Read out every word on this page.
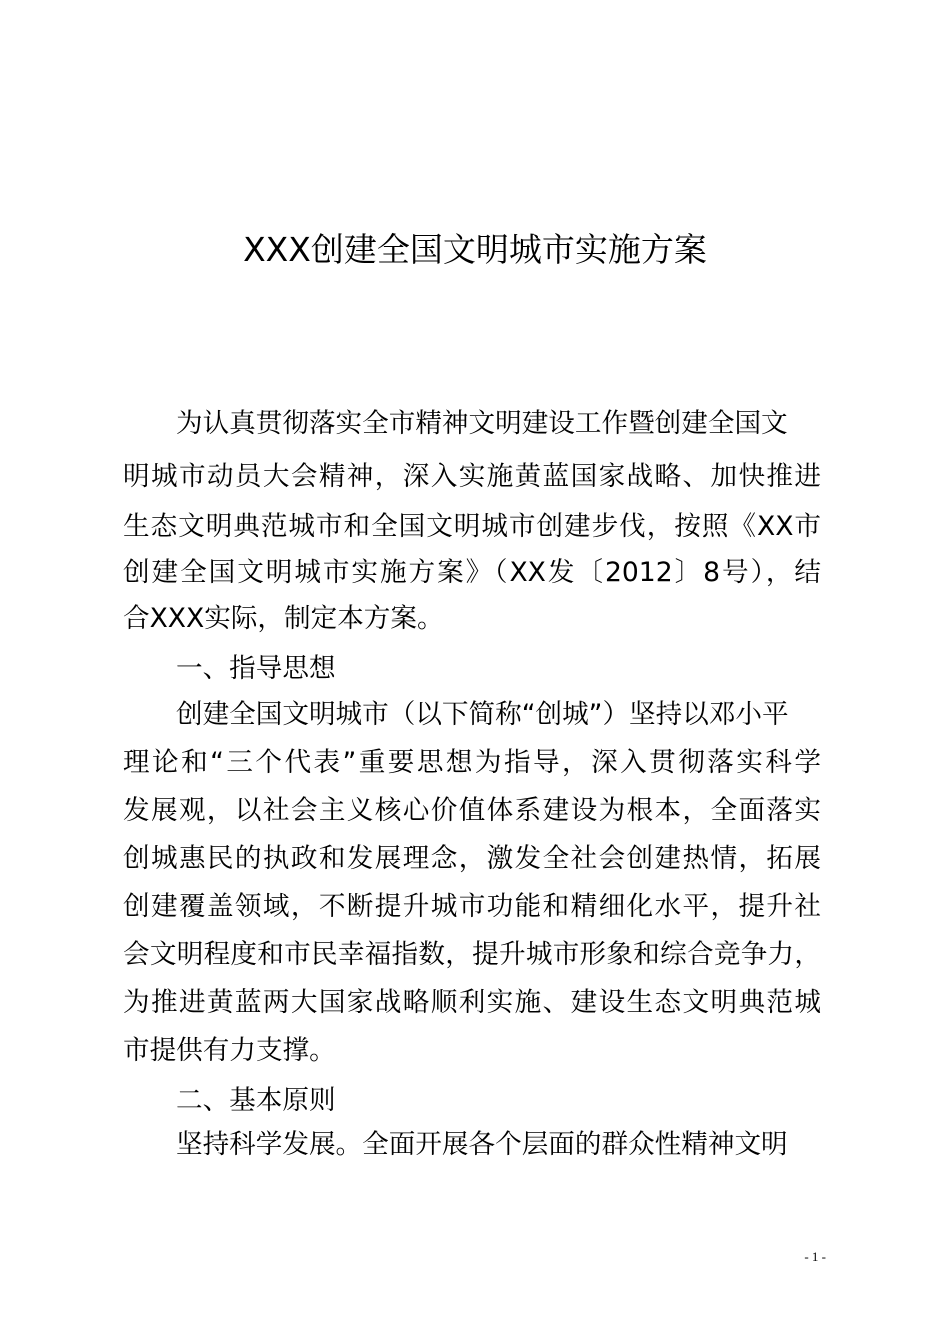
XXX创建全国文明城市实施方案
为认真贯彻落实全市精神文明建设工作暨创建全国文
明城市动员大会精神，深入实施黄蓝国家战略、加快推进
生态文明典范城市和全国文明城市创建步伐，按照《XX市
创建全国文明城市实施方案》（XX发〔2012〕8号），结
合XXX实际，制定本方案。
一、指导思想
创建全国文明城市（以下简称“创城”）坚持以邓小平
理论和“三个代表”重要思想为指导，深入贯彻落实科学
发展观，以社会主义核心价值体系建设为根本，全面落实
创城惠民的执政和发展理念，激发全社会创建热情，拓展
创建覆盖领域，不断提升城市功能和精细化水平，提升社
会文明程度和市民幸福指数，提升城市形象和综合竞争力，
为推进黄蓝两大国家战略顺利实施、建设生态文明典范城
市提供有力支撑。
二、基本原则
坚持科学发展。全面开展各个层面的群众性精神文明
- 1 -
